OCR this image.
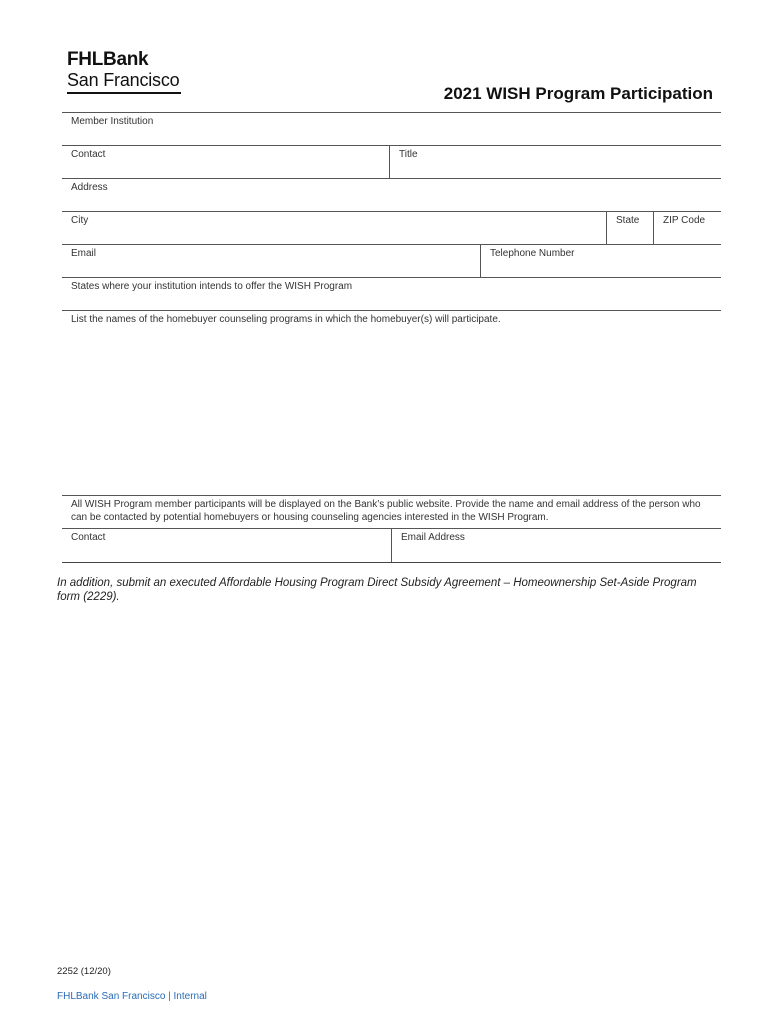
FHLBank
San Francisco
2021 WISH Program Participation
Member Institution
Contact	Title
Address
City	State	ZIP Code
Email	Telephone Number
States where your institution intends to offer the WISH Program
List the names of the homebuyer counseling programs in which the homebuyer(s) will participate.
All WISH Program member participants will be displayed on the Bank’s public website. Provide the name and email address of the person who can be contacted by potential homebuyers or housing counseling agencies interested in the WISH Program.
Contact	Email Address
In addition, submit an executed Affordable Housing Program Direct Subsidy Agreement – Homeownership Set-Aside Program form (2229).
2252 (12/20)
FHLBank San Francisco | Internal
